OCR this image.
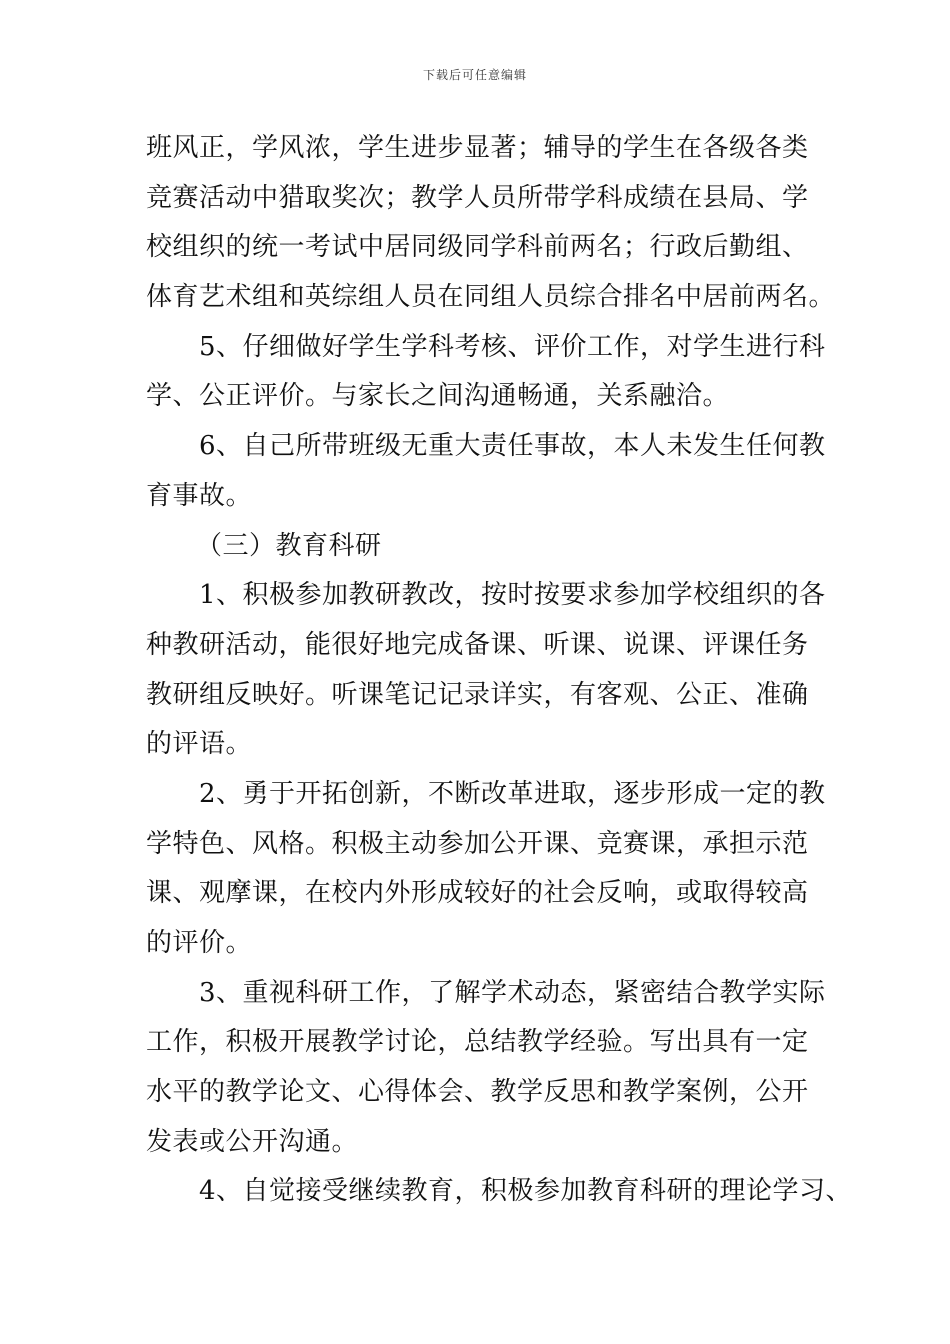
下载后可任意编辑
班风正，学风浓，学生进步显著；辅导的学生在各级各类
竞赛活动中猎取奖次；教学人员所带学科成绩在县局、学
校组织的统一考试中居同级同学科前两名；行政后勤组、
体育艺术组和英综组人员在同组人员综合排名中居前两名。
　　5、仔细做好学生学科考核、评价工作，对学生进行科
学、公正评价。与家长之间沟通畅通，关系融洽。
　　6、自己所带班级无重大责任事故，本人未发生任何教
育事故。
（三）教育科研
　　1、积极参加教研教改，按时按要求参加学校组织的各
种教研活动，能很好地完成备课、听课、说课、评课任务
教研组反映好。听课笔记记录详实，有客观、公正、准确
的评语。
　　2、勇于开拓创新，不断改革进取，逐步形成一定的教
学特色、风格。积极主动参加公开课、竞赛课，承担示范
课、观摩课，在校内外形成较好的社会反响，或取得较高
的评价。
　　3、重视科研工作，了解学术动态，紧密结合教学实际
工作，积极开展教学讨论，总结教学经验。写出具有一定
水平的教学论文、心得体会、教学反思和教学案例，公开
发表或公开沟通。
　　4、自觉接受继续教育，积极参加教育科研的理论学习、
